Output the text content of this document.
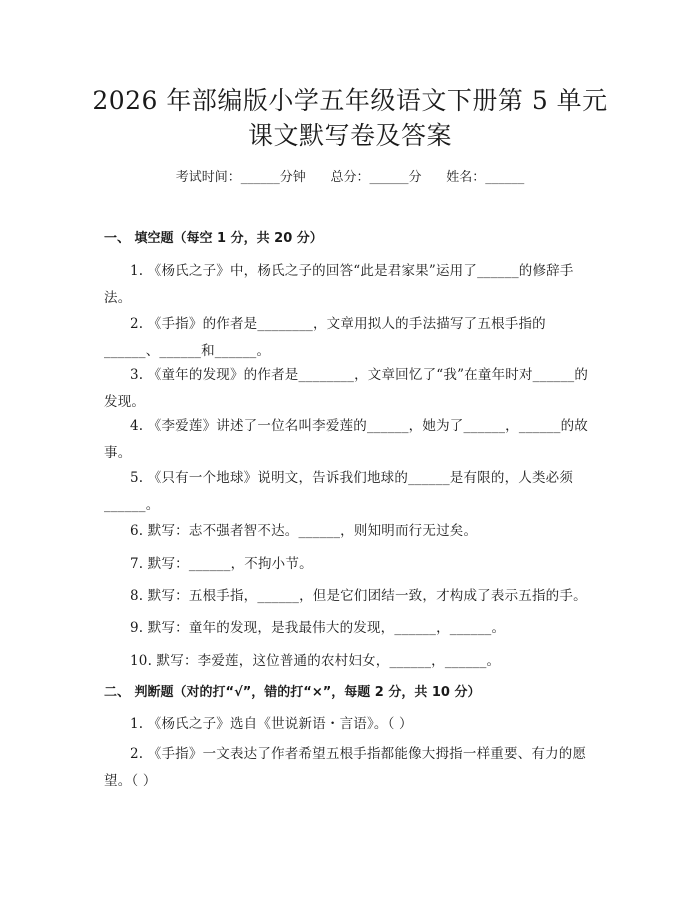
2026 年部编版小学五年级语文下册第 5 单元
课文默写卷及答案
考试时间：______分钟      总分：______分      姓名：______
一、 填空题（每空 1 分，共 20 分）
1. 《杨氏之子》中，杨氏之子的回答“此是君家果”运用了______的修辞手法。
2. 《手指》的作者是________，文章用拟人的手法描写了五根手指的______、______和______。
3. 《童年的发现》的作者是________，文章回忆了“我”在童年时对______的发现。
4. 《李爱莲》讲述了一位名叫李爱莲的______，她为了______，______的故事。
5. 《只有一个地球》说明文，告诉我们地球的______是有限的，人类必须______。
6. 默写：志不强者智不达。______，则知明而行无过矣。
7. 默写：______，不拘小节。
8. 默写：五根手指，______，但是它们团结一致，才构成了表示五指的手。
9. 默写：童年的发现，是我最伟大的发现，______，______。
10. 默写：李爱莲，这位普通的农村妇女，______，______。
二、 判断题（对的打“√”，错的打“×”，每题 2 分，共 10 分）
1. 《杨氏之子》选自《世说新语・言语》。（ ）
2. 《手指》一文表达了作者希望五根手指都能像大拇指一样重要、有力的愿望。（ ）
